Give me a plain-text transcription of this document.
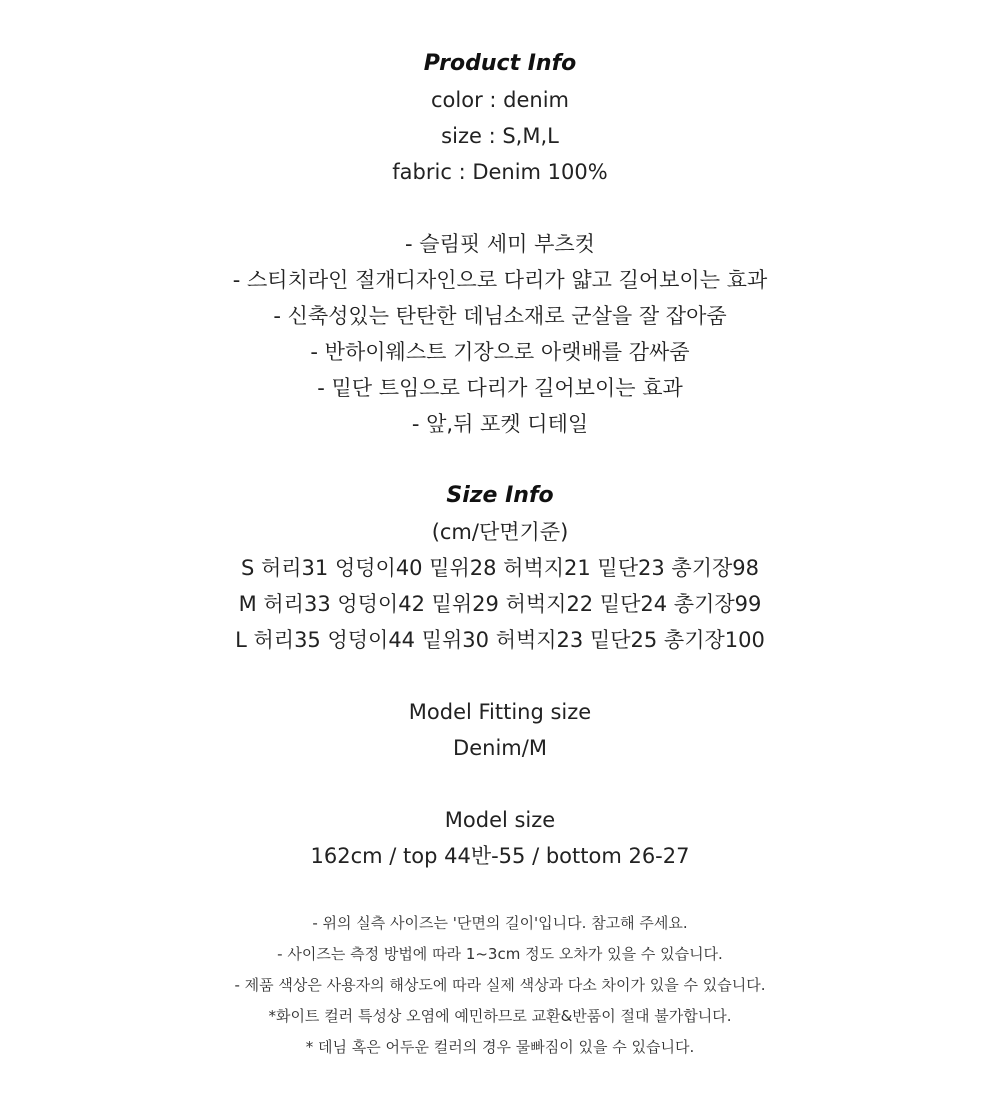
Product Info
color : denim
size : S,M,L
fabric : Denim 100%
- 슬림핏 세미 부츠컷
- 스티치라인 절개디자인으로 다리가 얇고 길어보이는 효과
- 신축성있는 탄탄한 데님소재로 군살을 잘 잡아줌
- 반하이웨스트 기장으로 아랫배를 감싸줌
- 밑단 트임으로 다리가 길어보이는 효과
- 앞,뒤 포켓 디테일
Size Info
(cm/단면기준)
S 허리31 엉덩이40 밑위28 허벅지21 밑단23 총기장98
M 허리33 엉덩이42 밑위29 허벅지22 밑단24 총기장99
L 허리35 엉덩이44 밑위30 허벅지23 밑단25 총기장100
Model Fitting size
Denim/M
Model size
162cm / top 44반-55 / bottom 26-27
- 위의 실측 사이즈는 '단면의 길이'입니다. 참고해 주세요.
- 사이즈는 측정 방법에 따라 1~3cm 정도 오차가 있을 수 있습니다.
- 제품 색상은 사용자의 해상도에 따라 실제 색상과 다소 차이가 있을 수 있습니다.
*화이트 컬러 특성상 오염에 예민하므로 교환&반품이 절대 불가합니다.
* 데님 혹은 어두운 컬러의 경우 물빠짐이 있을 수 있습니다.
